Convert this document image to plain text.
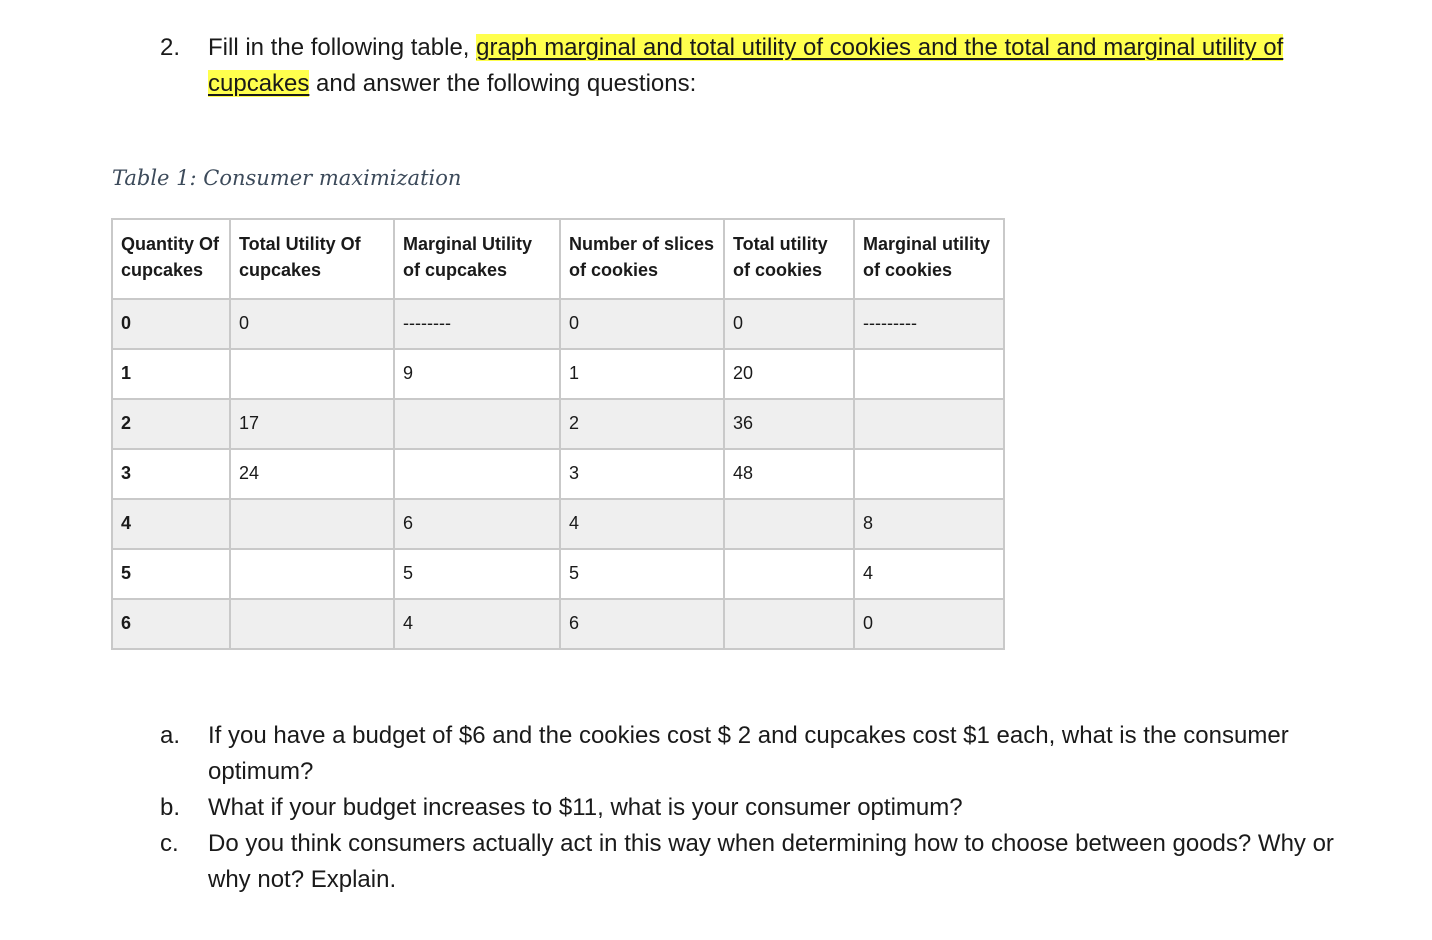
2. Fill in the following table, graph marginal and total utility of cookies and the total and marginal utility of cupcakes and answer the following questions:
Table 1: Consumer maximization
Quantity Of cupcakes	Total Utility Of cupcakes	Marginal Utility of cupcakes	Number of slices of cookies	Total utility of cookies	Marginal utility of cookies
0	0	--------	0	0	---------
1		9	1	20	
2	17		2	36	
3	24		3	48	
4		6	4		8
5		5	5		4
6		4	6		0
a. If you have a budget of $6 and the cookies cost $ 2 and cupcakes cost $1 each, what is the consumer optimum?
b. What if your budget increases to $11, what is your consumer optimum?
c. Do you think consumers actually act in this way when determining how to choose between goods? Why or why not? Explain.
